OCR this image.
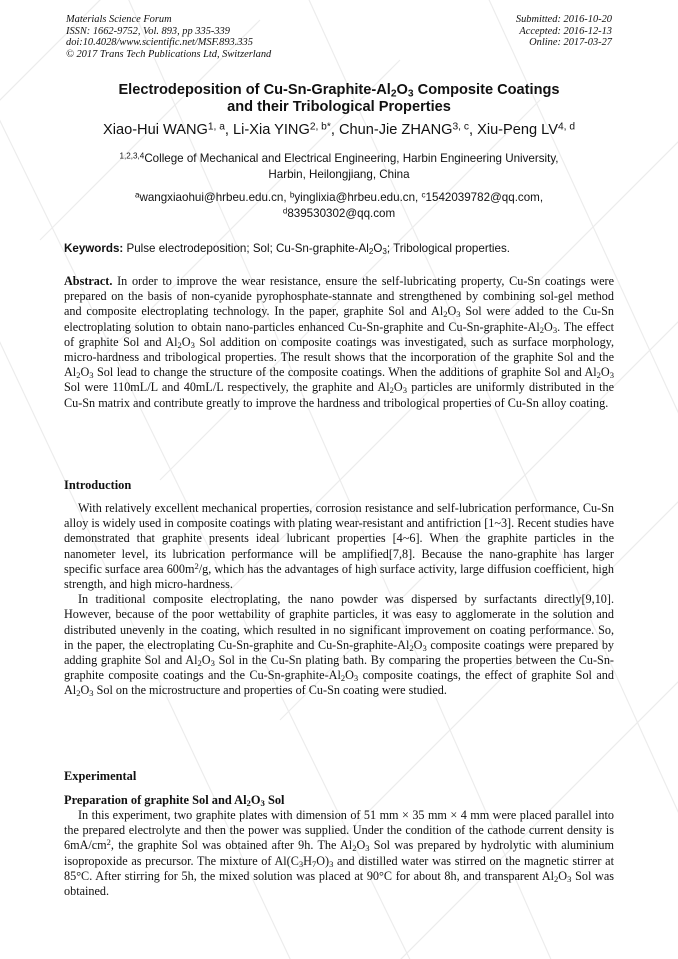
Materials Science Forum
ISSN: 1662-9752, Vol. 893, pp 335-339
doi:10.4028/www.scientific.net/MSF.893.335
© 2017 Trans Tech Publications Ltd, Switzerland
Submitted: 2016-10-20
Accepted: 2016-12-13
Online: 2017-03-27
Electrodeposition of $Cu-Sn-Graphite-Al_2O_3$ Composite Coatings
and their Tribological Properties
Xiao-Hui WANG$^{1, a}$, Li-Xia $YING^{2, b*}$, Chun-Jie ZHANG$^{3, c}$, Xiu-Peng LV$^{4, d}$
$^{1,2,3,4}$College of Mechanical and Electrical Engineering, Harbin Engineering University,
Harbin, Heilongjiang, China
$^a$wangxiaohui@hrbeu.edu.cn, $^b$yinglixia@hrbeu.edu.cn, $^c$1542039782@qq.com,
$^d$839530302@qq.com
Keywords: Pulse electrodeposition; Sol; $Cu-Sn-graphite-Al_2O_3$; Tribological properties.

Abstract. In order to improve the wear resistance, ensure the self-lubricating property, Cu-Sn coatings were prepared on the basis of non-cyanide pyrophosphate-stannate and strengthened by combining sol-gel method and composite electroplating technology. In the paper, graphite Sol and $Al_2O_3$ Sol were added to the Cu-Sn electroplating solution to obtain nano-particles enhanced Cu-Sn-graphite and $Cu-Sn-graphite-Al_2O_3$. The effect of graphite Sol and $Al_2O_3$ Sol addition on composite coatings was investigated, such as surface morphology, micro-hardness and tribological properties. The result shows that the incorporation of the graphite Sol and the $Al_2O_3$ Sol lead to change the structure of the composite coatings. When the additions of graphite Sol and $Al_2O_3$ Sol were 110mL/L and 40mL/L respectively, the graphite and $Al_2O_3$ particles are uniformly distributed in the Cu-Sn matrix and contribute greatly to improve the hardness and tribological properties of Cu-Sn alloy coating.

Introduction

With relatively excellent mechanical properties, corrosion resistance and self-lubrication performance, Cu-Sn alloy is widely used in composite coatings with plating wear-resistant and antifriction [1~3]. Recent studies have demonstrated that graphite presents ideal lubricant properties [4~6]. When the graphite particles in the nanometer level, its lubrication performance will be amplified[7,8]. Because the nano-graphite has larger specific surface area $600m^2/g$, which has the advantages of high surface activity, large diffusion coefficient, high strength, and high micro-hardness.

In traditional composite electroplating, the nano powder was dispersed by surfactants directly[9,10]. However, because of the poor wettability of graphite particles, it was easy to agglomerate in the solution and distributed unevenly in the coating, which resulted in no significant improvement on coating performance. So, in the paper, the electroplating Cu-Sn-graphite and $Cu-Sn-graphite-Al_2O_3$ composite coatings were prepared by adding graphite Sol and $Al_2O_3$ Sol in the Cu-Sn plating bath. By comparing the properties between the Cu-Sn-graphite composite coatings and the $Cu-Sn-graphite-Al_2O_3$ composite coatings, the effect of graphite Sol and $Al_2O_3$ Sol on the microstructure and properties of Cu-Sn coating were studied.

Experimental
Preparation of graphite Sol and $Al_2O_3$ Sol

In this experiment, two graphite plates with dimension of 51 mm × 35 mm × 4 mm were placed parallel into the prepared electrolyte and then the power was supplied. Under the condition of the cathode current density is $6mA/cm^2$, the graphite Sol was obtained after 9h. The $Al_2O_3$ Sol was prepared by hydrolytic with aluminium isopropoxide as precursor. The mixture of $Al(C_3H_7O)_3$ and distilled water was stirred on the magnetic stirrer at 85°C. After stirring for 5h, the mixed solution was placed at 90°C for about 8h, and transparent $Al_2O_3$ Sol was obtained.
